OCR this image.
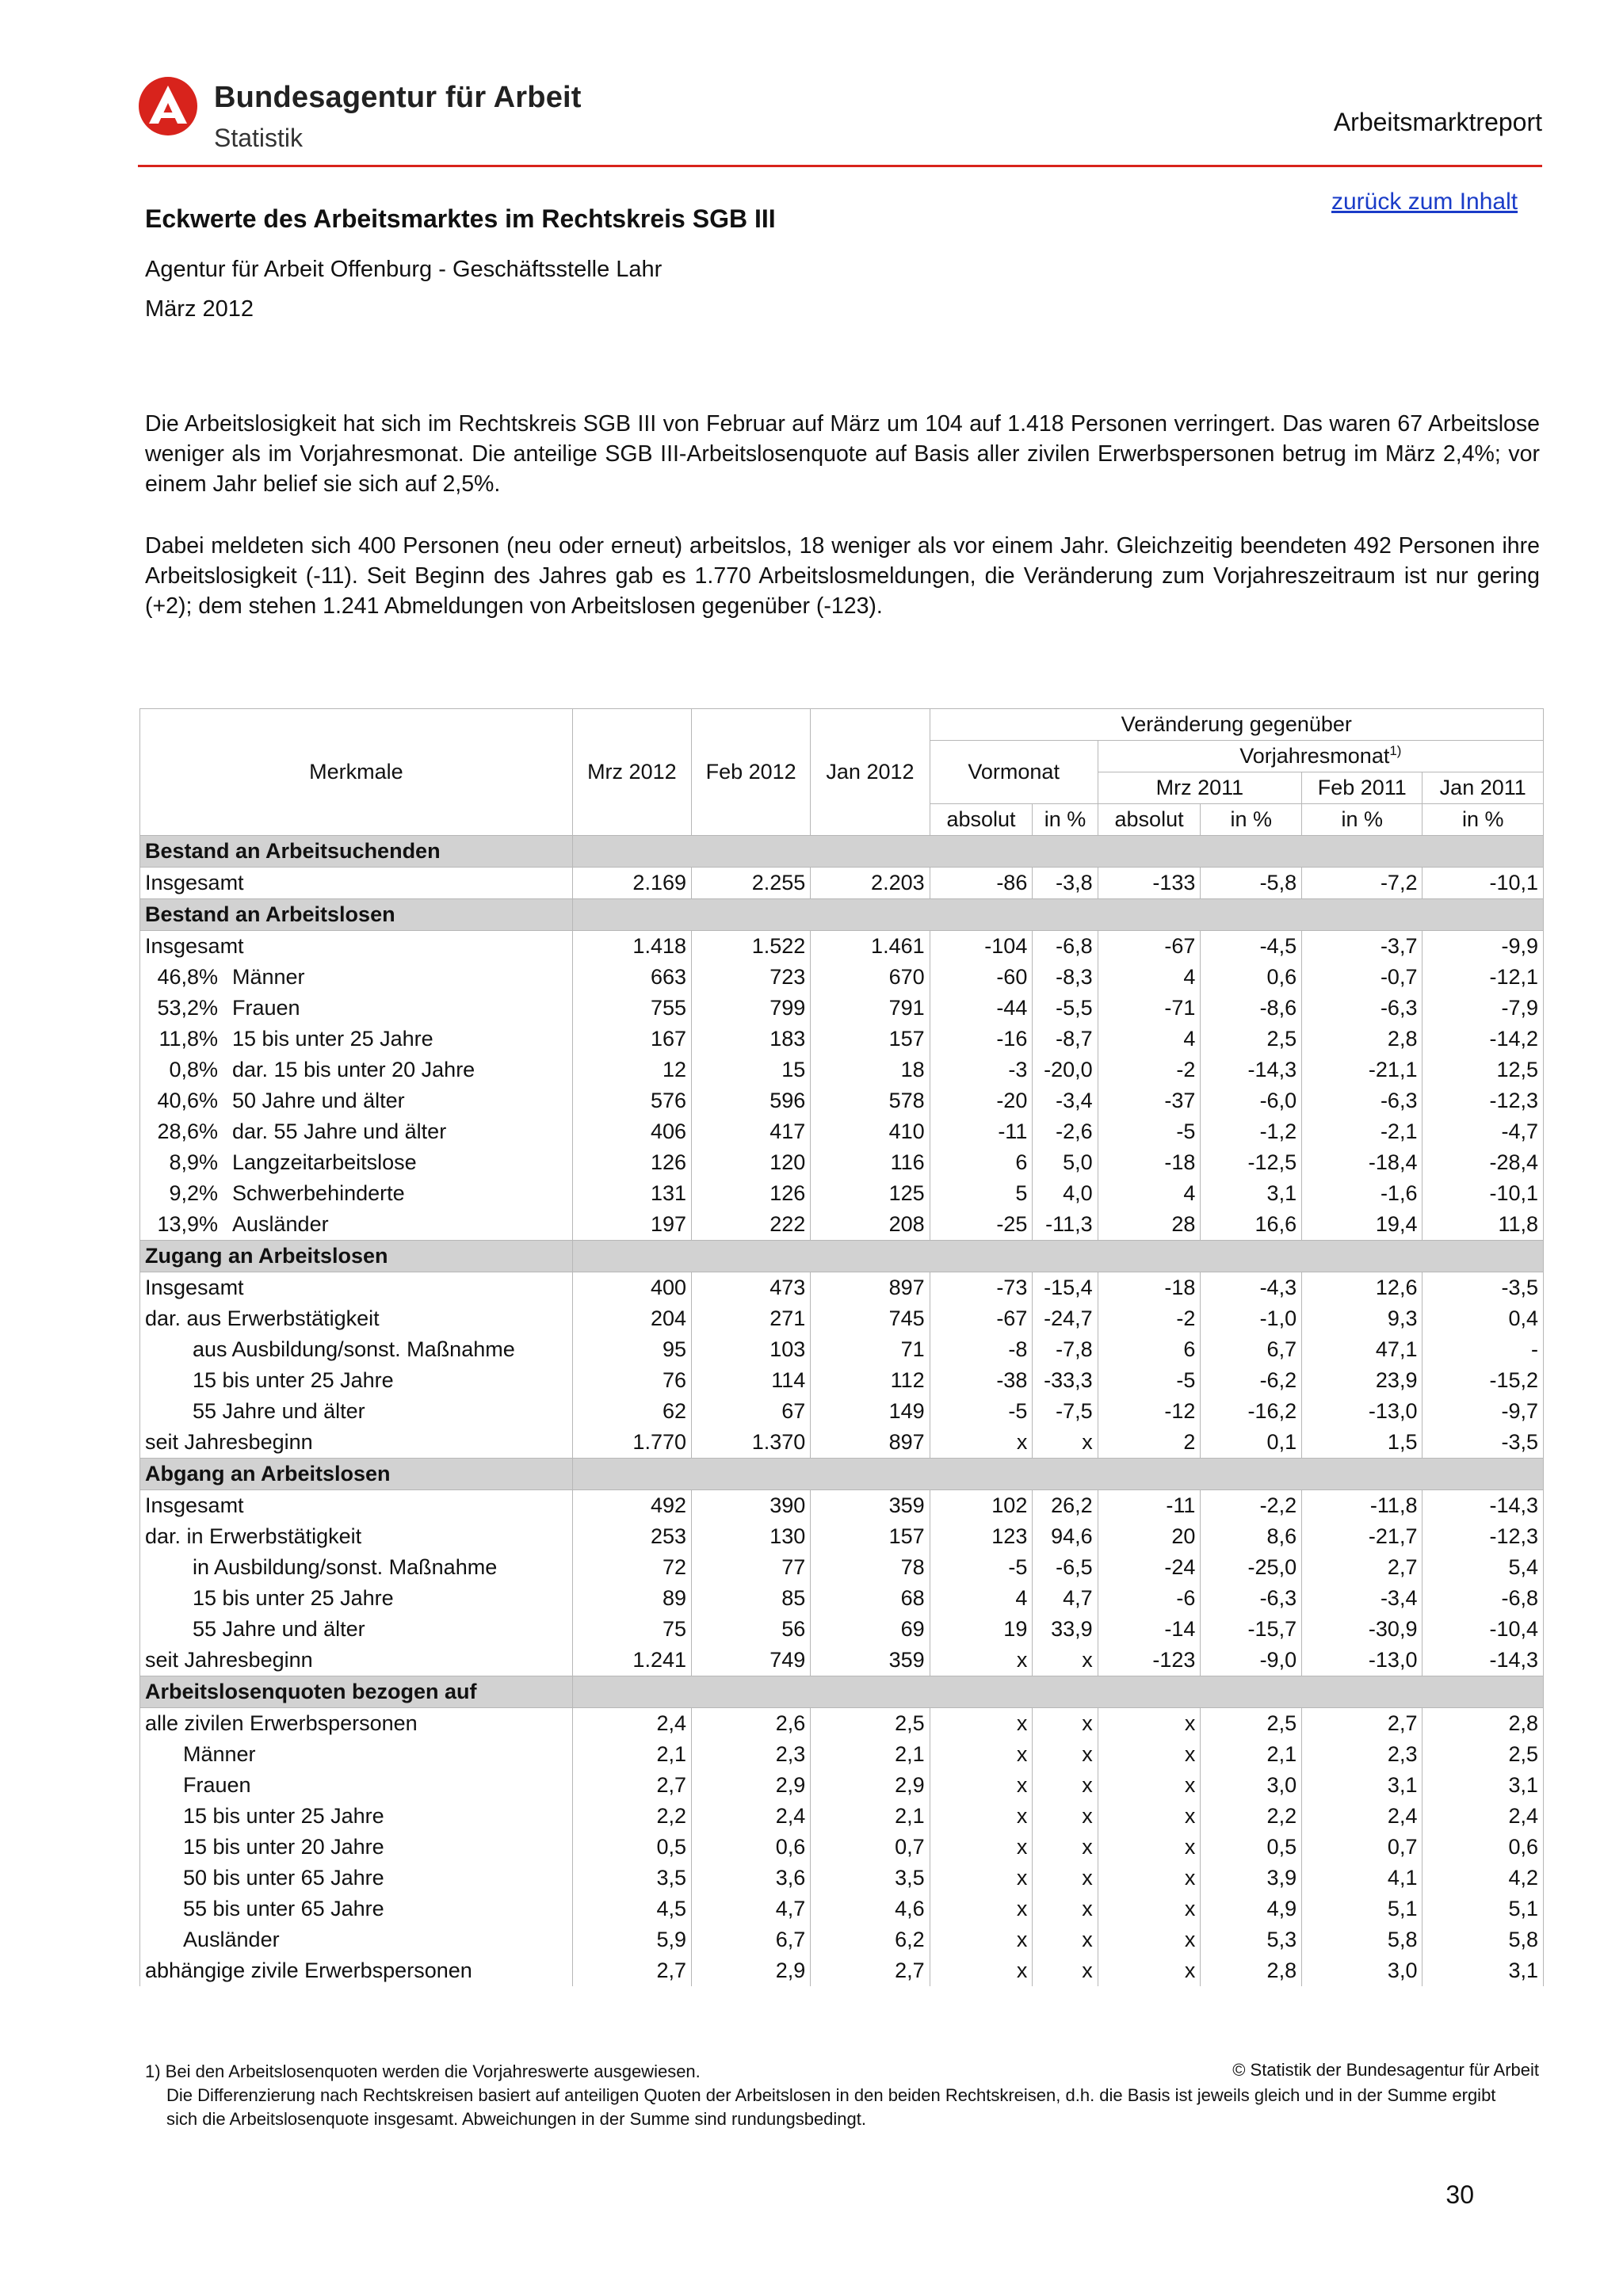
Bundesagentur für Arbeit
Statistik
Arbeitsmarktreport
zurück zum Inhalt
Eckwerte des Arbeitsmarktes im Rechtskreis SGB III
Agentur für Arbeit Offenburg - Geschäftsstelle Lahr
März 2012
Die Arbeitslosigkeit hat sich im Rechtskreis SGB III von Februar auf März um 104 auf 1.418 Personen verringert. Das waren 67 Arbeitslose weniger als im Vorjahresmonat. Die anteilige SGB III-Arbeitslosenquote auf Basis aller zivilen Erwerbspersonen betrug im März 2,4%; vor einem Jahr belief sie sich auf 2,5%.
Dabei meldeten sich 400 Personen (neu oder erneut) arbeitslos, 18 weniger als vor einem Jahr. Gleichzeitig beendeten 492 Personen ihre Arbeitslosigkeit (-11). Seit Beginn des Jahres gab es 1.770 Arbeitslosmeldungen, die Veränderung zum Vorjahreszeitraum ist nur gering (+2); dem stehen 1.241 Abmeldungen von Arbeitslosen gegenüber (-123).
Merkmale	Mrz 2012	Feb 2012	Jan 2012	Veränderung gegenüber					
				Vormonat		Vorjahresmonat$^{1)}$
						Mrz 2011		Feb 2011	Jan 2011
				absolut	in %	absolut	in %	in %	in %
Bestand an Arbeitsuchenden									
Insgesamt	2.169	2.255	2.203	-86	-3,8	-133	-5,8	-7,2	-10,1
Bestand an Arbeitslosen									
Insgesamt	1.418	1.522	1.461	-104	-6,8	-67	-4,5	-3,7	-9,9
46,8% Männer	663	723	670	-60	-8,3	4	0,6	-0,7	-12,1
53,2% Frauen	755	799	791	-44	-5,5	-71	-8,6	-6,3	-7,9
11,8% 15 bis unter 25 Jahre	167	183	157	-16	-8,7	4	2,5	2,8	-14,2
0,8% dar. 15 bis unter 20 Jahre	12	15	18	-3	-20,0	-2	-14,3	-21,1	12,5
40,6% 50 Jahre und älter	576	596	578	-20	-3,4	-37	-6,0	-6,3	-12,3
28,6% dar. 55 Jahre und älter	406	417	410	-11	-2,6	-5	-1,2	-2,1	-4,7
8,9% Langzeitarbeitslose	126	120	116	6	5,0	-18	-12,5	-18,4	-28,4
9,2% Schwerbehinderte	131	126	125	5	4,0	4	3,1	-1,6	-10,1
13,9% Ausländer	197	222	208	-25	-11,3	28	16,6	19,4	11,8
Zugang an Arbeitslosen									
Insgesamt	400	473	897	-73	-15,4	-18	-4,3	12,6	-3,5
dar. aus Erwerbstätigkeit	204	271	745	-67	-24,7	-2	-1,0	9,3	0,4
aus Ausbildung/sonst. Maßnahme	95	103	71	-8	-7,8	6	6,7	47,1	-
15 bis unter 25 Jahre	76	114	112	-38	-33,3	-5	-6,2	23,9	-15,2
55 Jahre und älter	62	67	149	-5	-7,5	-12	-16,2	-13,0	-9,7
seit Jahresbeginn	1.770	1.370	897	x	x	2	0,1	1,5	-3,5
Abgang an Arbeitslosen									
Insgesamt	492	390	359	102	26,2	-11	-2,2	-11,8	-14,3
dar. in Erwerbstätigkeit	253	130	157	123	94,6	20	8,6	-21,7	-12,3
in Ausbildung/sonst. Maßnahme	72	77	78	-5	-6,5	-24	-25,0	2,7	5,4
15 bis unter 25 Jahre	89	85	68	4	4,7	-6	-6,3	-3,4	-6,8
55 Jahre und älter	75	56	69	19	33,9	-14	-15,7	-30,9	-10,4
seit Jahresbeginn	1.241	749	359	x	x	-123	-9,0	-13,0	-14,3
Arbeitslosenquoten bezogen auf									
alle zivilen Erwerbspersonen	2,4	2,6	2,5	x	x	x	2,5	2,7	2,8
Männer	2,1	2,3	2,1	x	x	x	2,1	2,3	2,5
Frauen	2,7	2,9	2,9	x	x	x	3,0	3,1	3,1
15 bis unter 25 Jahre	2,2	2,4	2,1	x	x	x	2,2	2,4	2,4
15 bis unter 20 Jahre	0,5	0,6	0,7	x	x	x	0,5	0,7	0,6
50 bis unter 65 Jahre	3,5	3,6	3,5	x	x	x	3,9	4,1	4,2
55 bis unter 65 Jahre	4,5	4,7	4,6	x	x	x	4,9	5,1	5,1
Ausländer	5,9	6,7	6,2	x	x	x	5,3	5,8	5,8
abhängige zivile Erwerbspersonen	2,7	2,9	2,7	x	x	x	2,8	3,0	3,1
1) Bei den Arbeitslosenquoten werden die Vorjahreswerte ausgewiesen.	© Statistik der Bundesagentur für Arbeit
Die Differenzierung nach Rechtskreisen basiert auf anteiligen Quoten der Arbeitslosen in den beiden Rechtskreisen, d.h. die Basis ist jeweils gleich und in der Summe ergibt sich die Arbeitslosenquote insgesamt. Abweichungen in der Summe sind rundungsbedingt.
30
